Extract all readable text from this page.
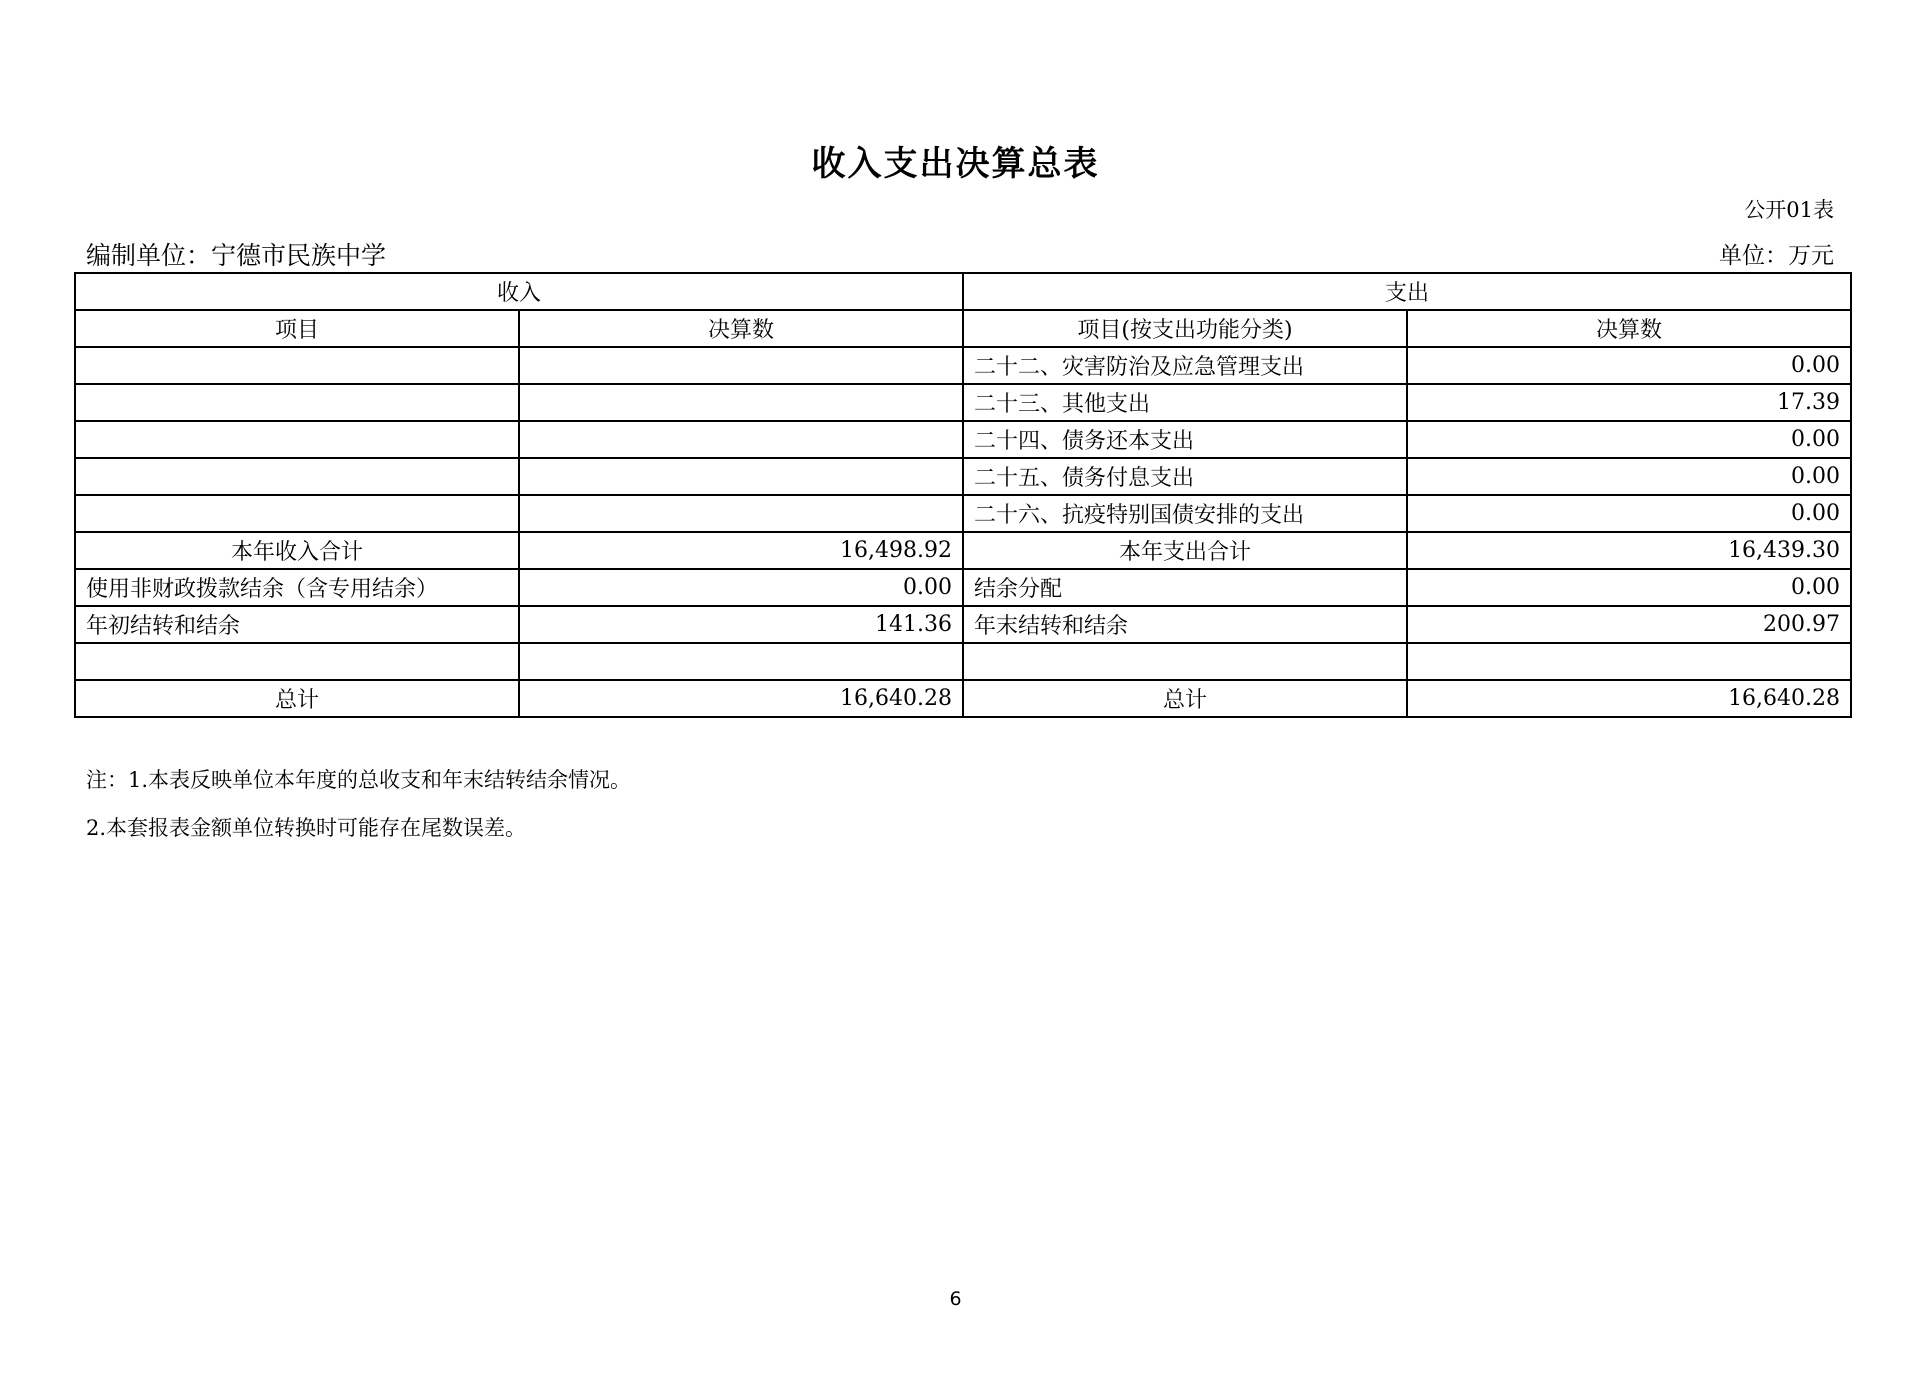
收入支出决算总表
公开01表
编制单位：宁德市民族中学	单位：万元
收入		支出	
项目	决算数	项目(按支出功能分类)	决算数
		二十二、灾害防治及应急管理支出	0.00
		二十三、其他支出	17.39
		二十四、债务还本支出	0.00
		二十五、债务付息支出	0.00
		二十六、抗疫特别国债安排的支出	0.00
本年收入合计	16,498.92	本年支出合计	16,439.30
使用非财政拨款结余（含专用结余）	0.00	结余分配	0.00
年初结转和结余	141.36	年末结转和结余	200.97

总计	16,640.28	总计	16,640.28
注：1.本表反映单位本年度的总收支和年末结转结余情况。
2.本套报表金额单位转换时可能存在尾数误差。
6
